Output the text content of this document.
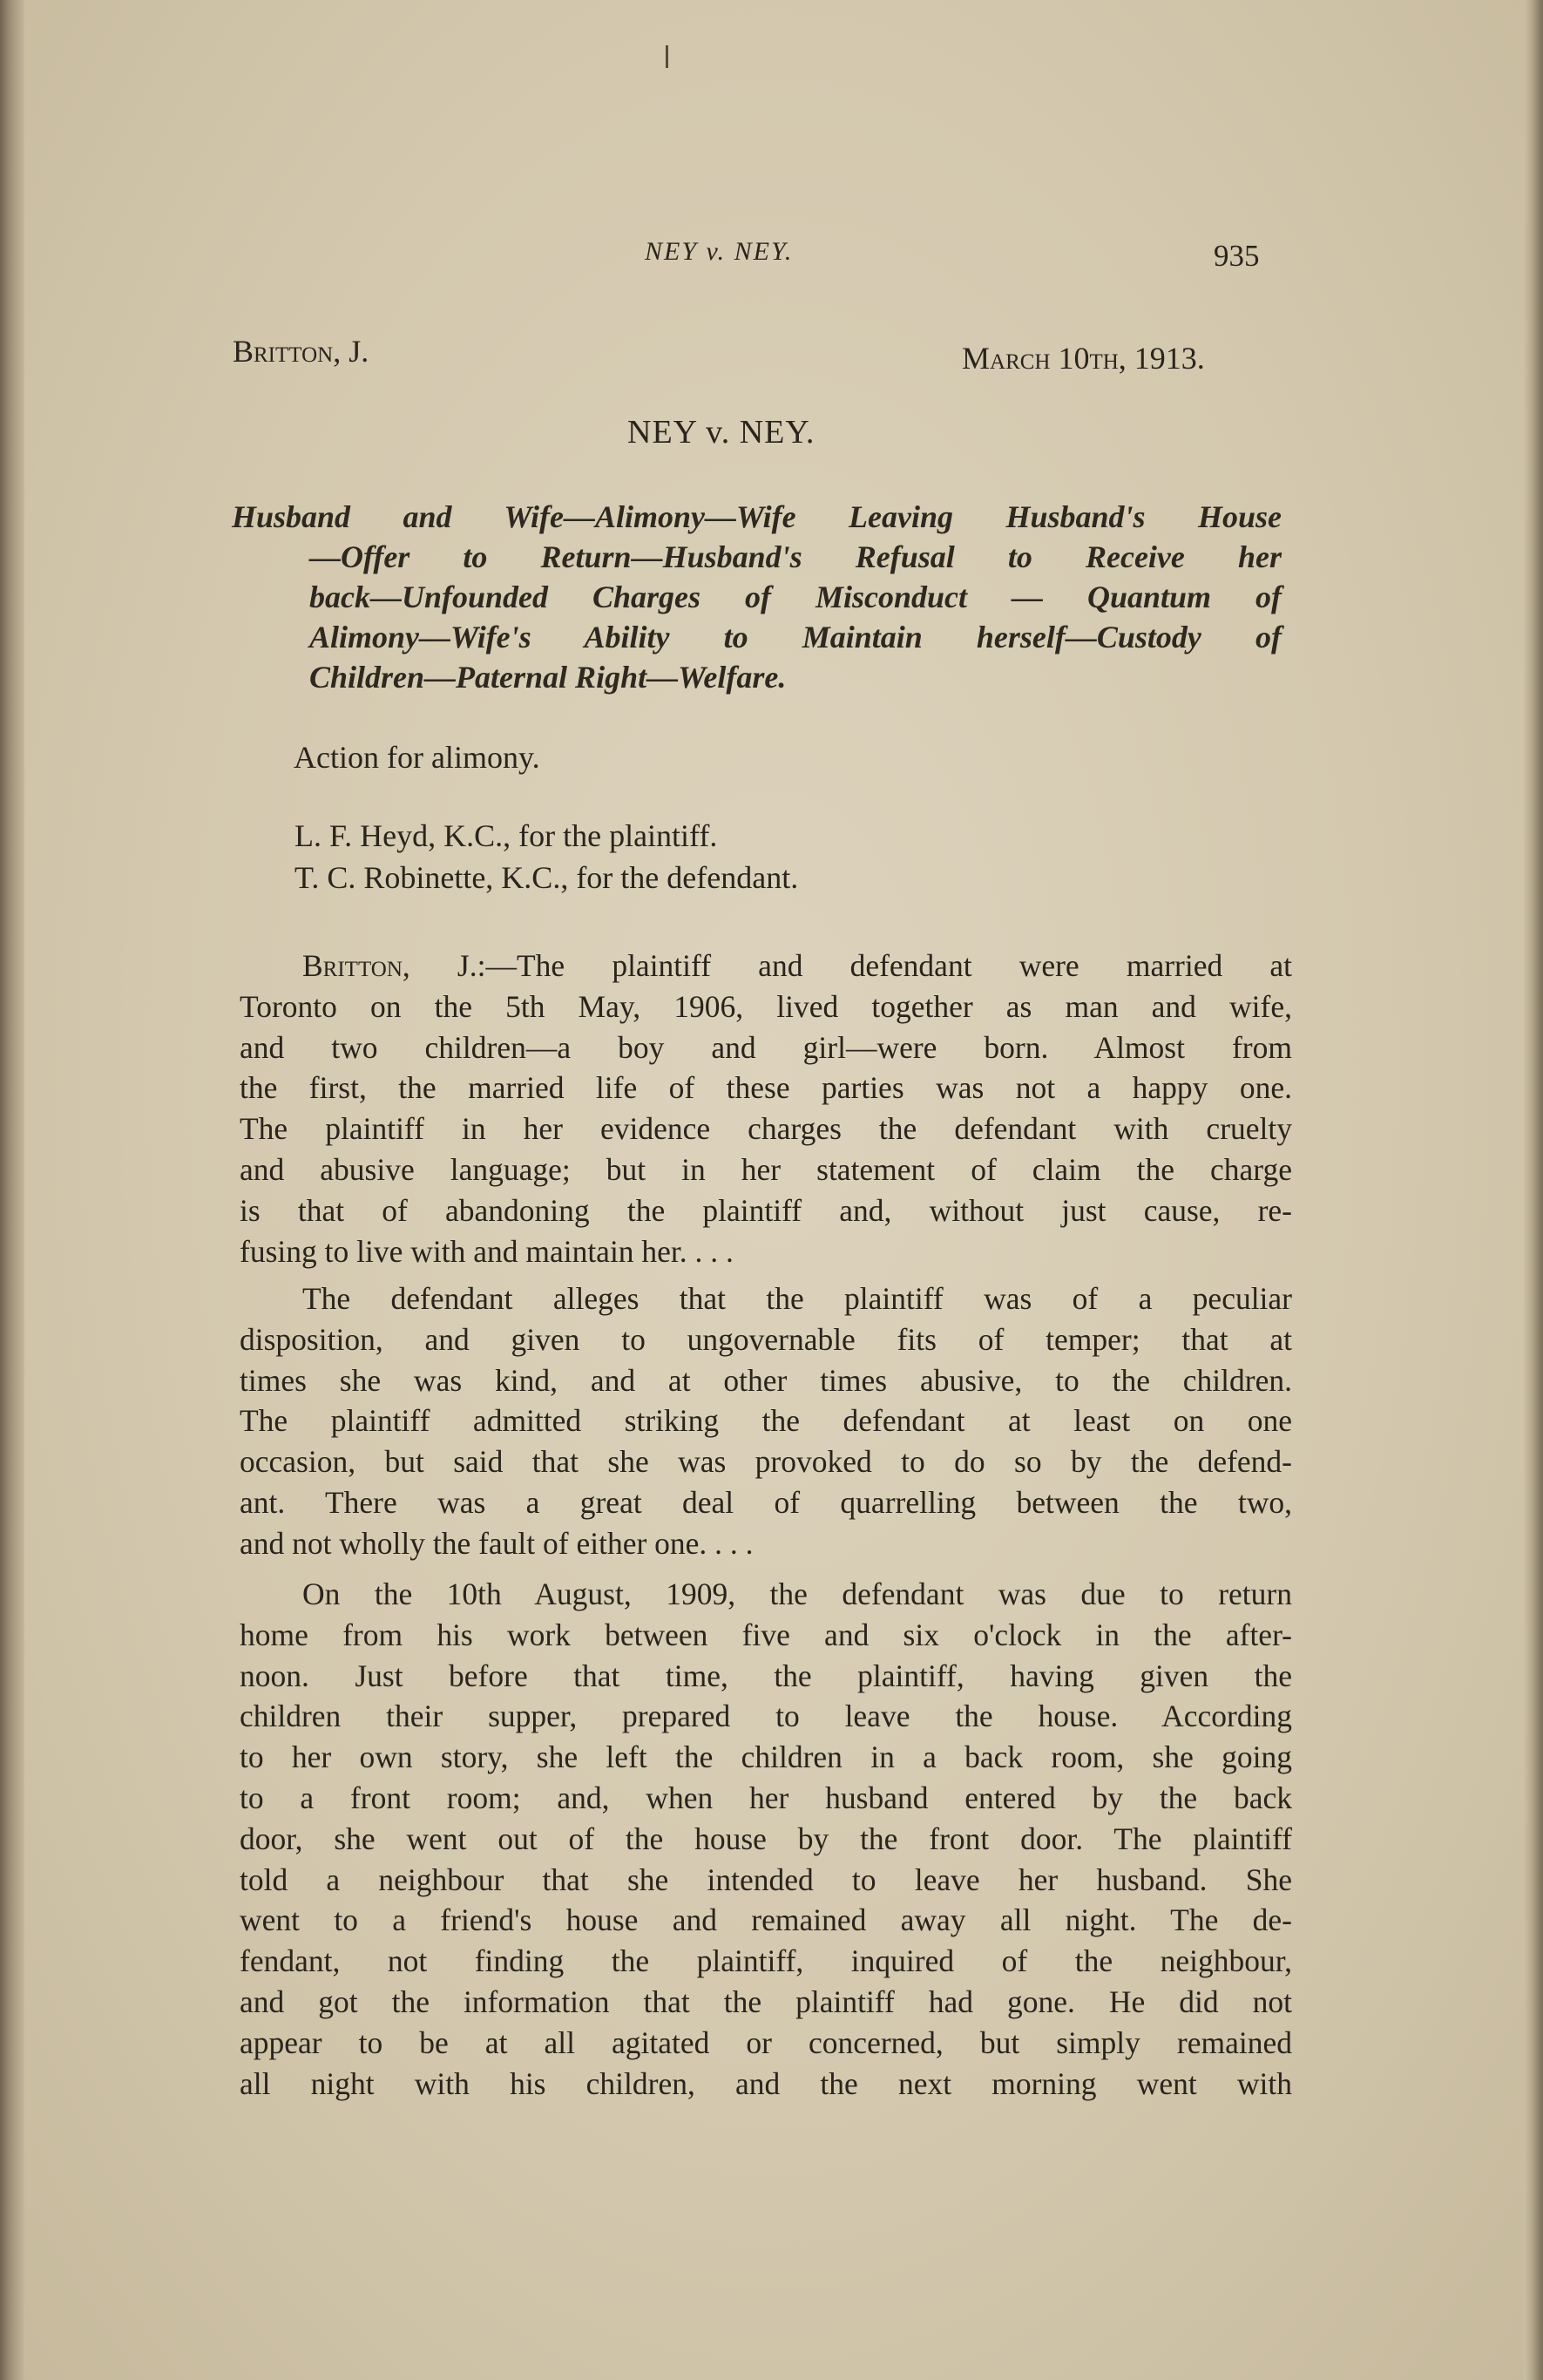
NEY v. NEY.	935
Britton, J.	March 10th, 1913.
NEY v. NEY.
Husband and Wife—Alimony—Wife Leaving Husband's House
—Offer to Return—Husband's Refusal to Receive her
back—Unfounded Charges of Misconduct — Quantum of
Alimony—Wife's Ability to Maintain herself—Custody of
Children—Paternal Right—Welfare.
Action for alimony.
L. F. Heyd, K.C., for the plaintiff.
T. C. Robinette, K.C., for the defendant.
Britton, J.:—The plaintiff and defendant were married at
Toronto on the 5th May, 1906, lived together as man and wife,
and two children—a boy and girl—were born. Almost from
the first, the married life of these parties was not a happy one.
The plaintiff in her evidence charges the defendant with cruelty
and abusive language; but in her statement of claim the charge
is that of abandoning the plaintiff and, without just cause, re-
fusing to live with and maintain her. . . .
The defendant alleges that the plaintiff was of a peculiar
disposition, and given to ungovernable fits of temper; that at
times she was kind, and at other times abusive, to the children.
The plaintiff admitted striking the defendant at least on one
occasion, but said that she was provoked to do so by the defend-
ant. There was a great deal of quarrelling between the two,
and not wholly the fault of either one. . . .
On the 10th August, 1909, the defendant was due to return
home from his work between five and six o'clock in the after-
noon. Just before that time, the plaintiff, having given the
children their supper, prepared to leave the house. According
to her own story, she left the children in a back room, she going
to a front room; and, when her husband entered by the back
door, she went out of the house by the front door. The plaintiff
told a neighbour that she intended to leave her husband. She
went to a friend's house and remained away all night. The de-
fendant, not finding the plaintiff, inquired of the neighbour,
and got the information that the plaintiff had gone. He did not
appear to be at all agitated or concerned, but simply remained
all night with his children, and the next morning went with
